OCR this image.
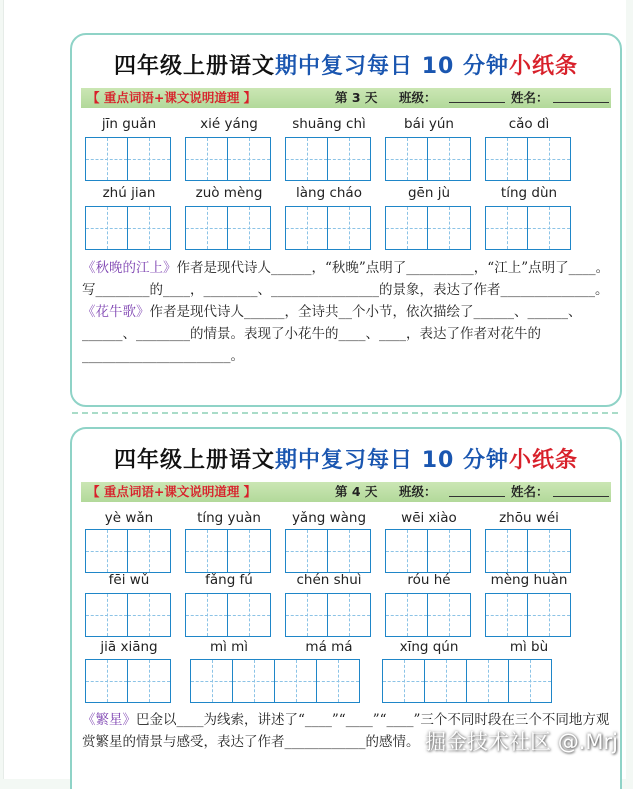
四年级上册语文期中复习每日 10 分钟小纸条
【 重点词语+课文说明道理 】	第 3 天 班级：	姓名：
jīn guǎn	xié yáng	shuāng chì	bái yún	cǎo dì
zhú jian	zuò mèng	làng cháo	gēn jù	tíng dùn

《秋晚的江上》作者是现代诗人______，“秋晚”点明了__________，“江上”点明了____。写________的____，________、________________的景象，表达了作者______________。

《花牛歌》作者是现代诗人______，全诗共__个小节，依次描绘了______、______、______、________的情景。表现了小花牛的____、____，表达了作者对花牛的______________________。

四年级上册语文期中复习每日 10 分钟小纸条
【 重点词语+课文说明道理 】	第 4 天 班级：	姓名：
yè wǎn	tíng yuàn	yǎng wàng	wēi xiào	zhōu wéi
fēi wǔ	fǎng fú	chén shuì	róu hé	mèng huàn
jiā xiāng	mì mì	má má	xīng qún	mì bù

《繁星》巴金以____为线索，讲述了“____”“____”“____”三个不同时段在三个不同地方观赏繁星的情景与感受，表达了作者____________的感情。 掘金技术社区 @.Mrj
